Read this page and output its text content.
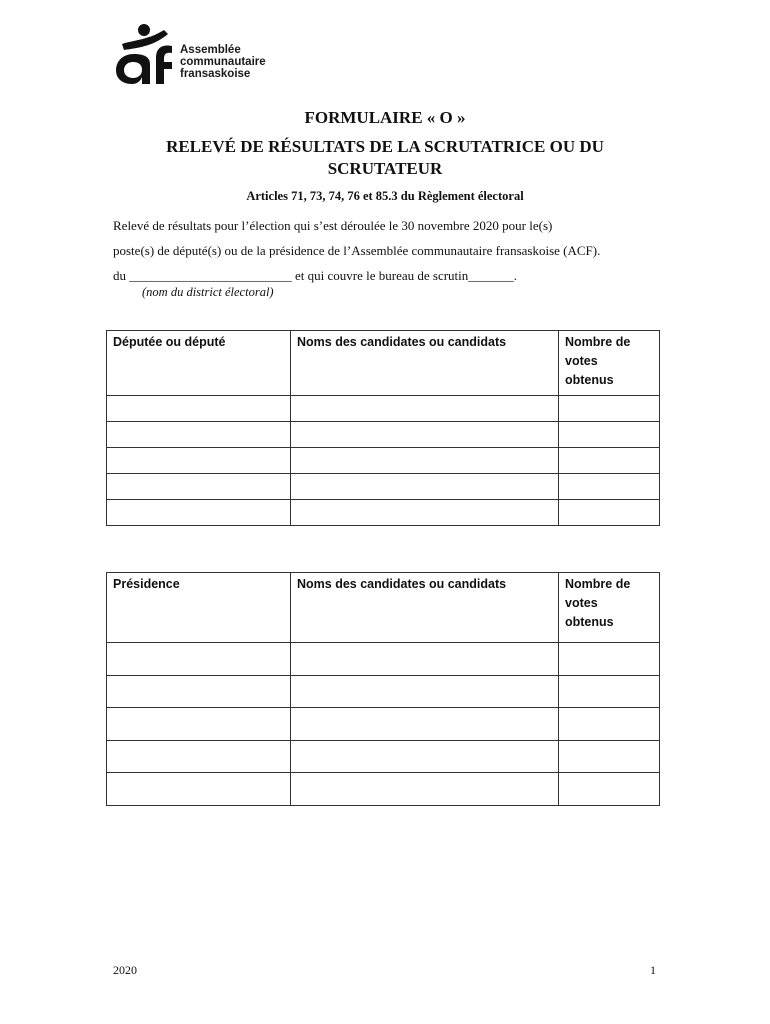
Assemblée
communautaire
fransaskoise
FORMULAIRE « O »
RELEVÉ DE RÉSULTATS DE LA SCRUTATRICE OU DU
SCRUTATEUR
Articles 71, 73, 74, 76 et 85.3 du Règlement électoral
Relevé de résultats pour l’élection qui s’est déroulée le 30 novembre 2020 pour le(s)
poste(s) de député(s) ou de la présidence de l’Assemblée communautaire fransaskoise (ACF).
du _________________________ et qui couvre le bureau de scrutin_______.
(nom du district électoral)
Députée ou député	Noms des candidates ou candidats	Nombre de
votes
obtenus

Présidence	Noms des candidates ou candidats	Nombre de
votes
obtenus

2020	1
